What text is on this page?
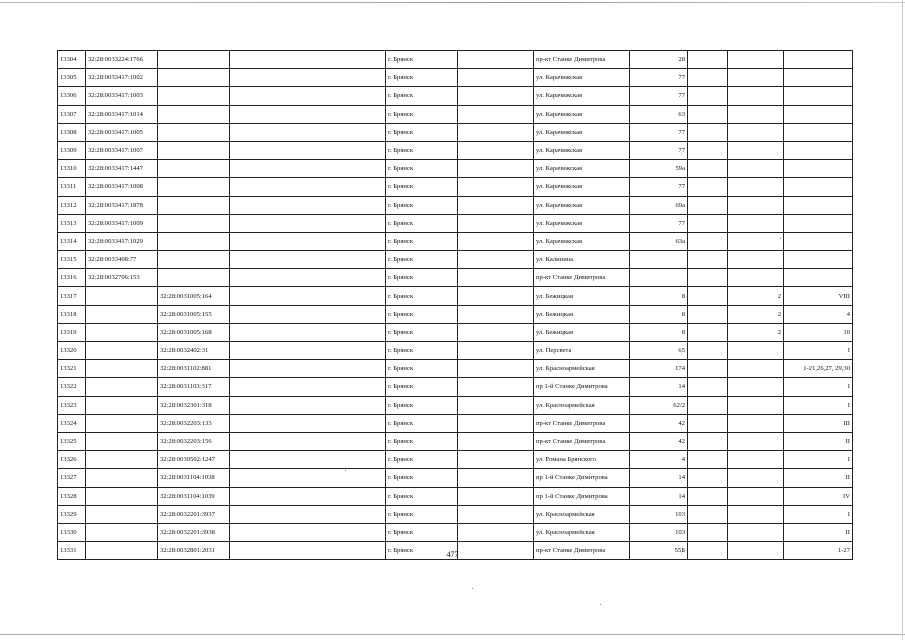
13304	32:28:0033224:1766			г. Брянск		пр-кт Станке Димитрова	28			
13305	32:28:0033417:1002			г. Брянск		ул. Карачижская	77			
13306	32:28:0033417:1003			г. Брянск		ул. Карачижская	77			
13307	32:28:0033417:1014			г. Брянск		ул. Карачижская	63			
13308	32:28:0033417:1005			г. Брянск		ул. Карачижская	77			
13309	32:28:0033417:1007			г. Брянск		ул. Карачижская	77			
13310	32:28:0033417:1447			г. Брянск		ул. Карачижская	59а			
13311	32:28:0033417:1008			г. Брянск		ул. Карачижская	77			
13312	32:28:0033417:1878			г. Брянск		ул. Карачижская	69а			
13313	32:28:0033417:1009			г. Брянск		ул. Карачижская	77			
13314	32:28:0033417:1029			г. Брянск		ул. Карачижская	63а			
13315	32:28:0033408:77			г. Брянск		ул. Калинина				
13316	32:28:0032706:153			г. Брянск		пр-кт Станке Димитрова				
13317		32:28:0031005:164		г. Брянск		ул. Бежицкая	8		2	VIII
13318		32:28:0031005:155		г. Брянск		ул. Бежицкая	8		2	4
13319		32:28:0031005:168		г. Брянск		ул. Бежицкая	8		2	10
13320		32:28:0032402:31		г. Брянск		ул. Персвета	65			I
13321		32:28:0031102:881		г. Брянск		ул. Красноармейская	174			1-21,26,27, 29,30
13322		32:28:0031103:317		г. Брянск		пр 1-й Станке Димитрова	14			I
13323		32:28:0032301:318		г. Брянск		ул. Красноармейская	62/2			I
13324		32:28:0032203:133		г. Брянск		пр-кт Станке Димитрова	42			III
13325		32:28:0032203:156		г. Брянск		пр-кт Станке Димитрова	42			II
13326		32:28:0030502:1247		г. Брянск		ул. Романа Брянского	4			I
13327		32:28:0031104:1038		г. Брянск		пр 1-й Станке Димитрова	14			II
13328		32:28:0031104:1039		г. Брянск		пр 1-й Станке Димитрова	14			IV
13329		32:28:0032201:3937		г. Брянск		ул. Красноармейская	103			I
13330		32:28:0032201:3938		г. Брянск		ул. Красноармейская	103			II
13331		32:28:0032801:2031		г. Брянск		пр-кт Станке Димитрова	55Б			1-27
477
